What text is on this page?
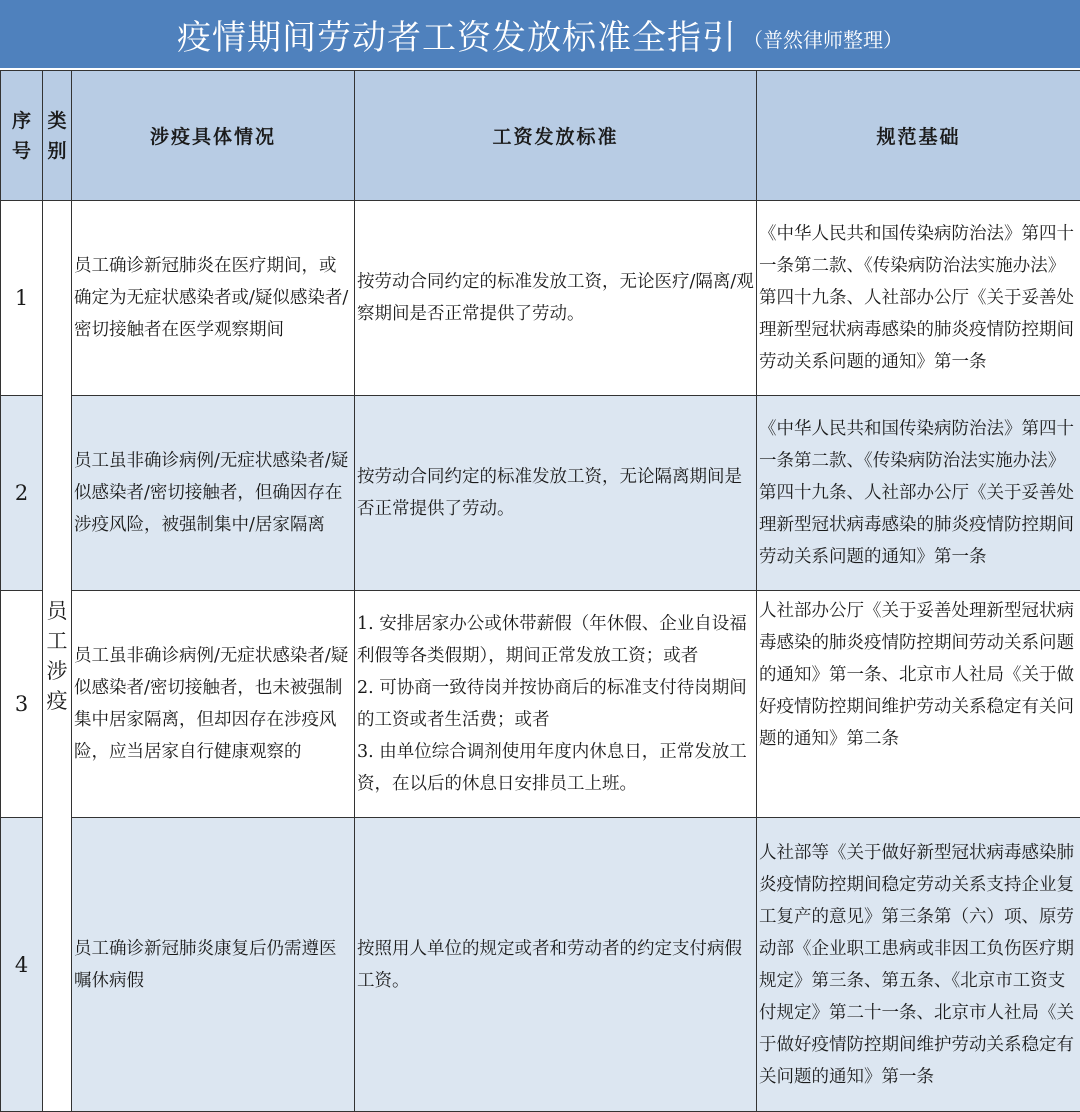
疫情期间劳动者工资发放标准全指引 （普然律师整理）
序号	类别	涉疫具体情况	工资发放标准	规范基础
1	员工涉疫	员工确诊新冠肺炎在医疗期间，或确定为无症状感染者或/疑似感染者/密切接触者在医学观察期间	按劳动合同约定的标准发放工资，无论医疗/隔离/观察期间是否正常提供了劳动。	《中华人民共和国传染病防治法》第四十一条第二款、《传染病防治法实施办法》第四十九条、人社部办公厅《关于妥善处理新型冠状病毒感染的肺炎疫情防控期间劳动关系问题的通知》第一条
2		员工虽非确诊病例/无症状感染者/疑似感染者/密切接触者，但确因存在涉疫风险，被强制集中/居家隔离	按劳动合同约定的标准发放工资，无论隔离期间是否正常提供了劳动。	《中华人民共和国传染病防治法》第四十一条第二款、《传染病防治法实施办法》第四十九条、人社部办公厅《关于妥善处理新型冠状病毒感染的肺炎疫情防控期间劳动关系问题的通知》第一条
3		员工虽非确诊病例/无症状感染者/疑似感染者/密切接触者，也未被强制集中居家隔离，但却因存在涉疫风险，应当居家自行健康观察的	1. 安排居家办公或休带薪假（年休假、企业自设福利假等各类假期），期间正常发放工资；或者
2. 可协商一致待岗并按协商后的标准支付待岗期间的工资或者生活费；或者
3. 由单位综合调剂使用年度内休息日，正常发放工资，在以后的休息日安排员工上班。	人社部办公厅《关于妥善处理新型冠状病毒感染的肺炎疫情防控期间劳动关系问题的通知》第一条、北京市人社局《关于做好疫情防控期间维护劳动关系稳定有关问题的通知》第二条
4		员工确诊新冠肺炎康复后仍需遵医嘱休病假	按照用人单位的规定或者和劳动者的约定支付病假工资。	人社部等《关于做好新型冠状病毒感染肺炎疫情防控期间稳定劳动关系支持企业复工复产的意见》第三条第（六）项、原劳动部《企业职工患病或非因工负伤医疗期规定》第三条、第五条、《北京市工资支付规定》第二十一条、北京市人社局《关于做好疫情防控期间维护劳动关系稳定有关问题的通知》第一条
